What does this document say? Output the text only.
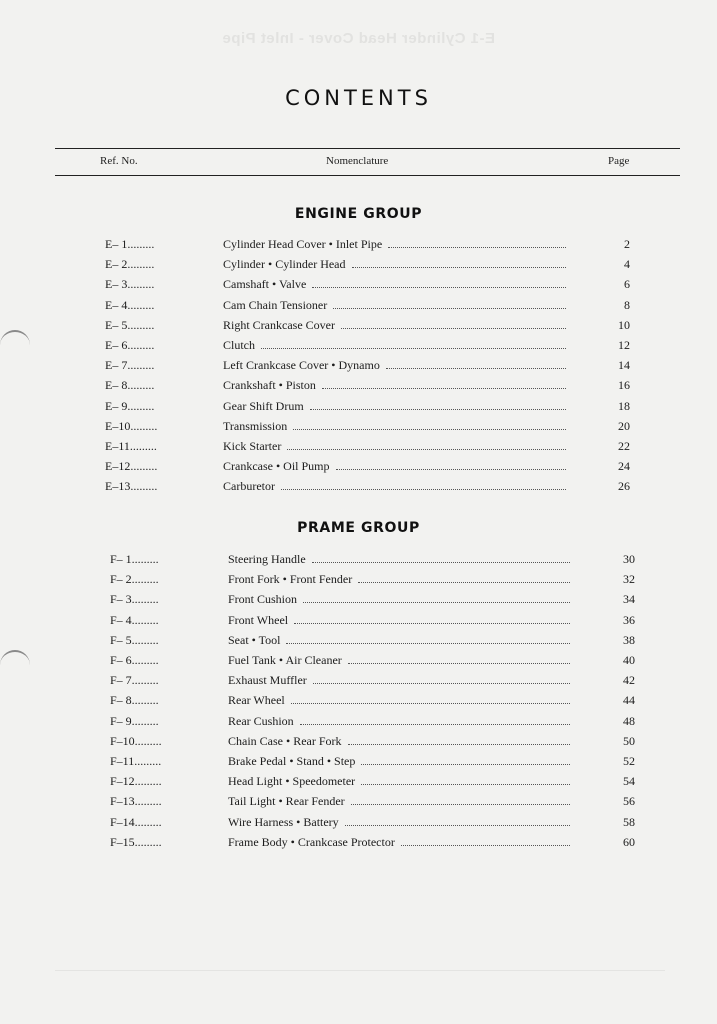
E-1 Cylinder Head Cover - Inlet Pipe
CONTENTS
Ref. No.	Nomenclature	Page
ENGINE GROUP
E– 1.........	Cylinder Head Cover • Inlet Pipe	2
E– 2.........	Cylinder • Cylinder Head	4
E– 3.........	Camshaft • Valve	6
E– 4.........	Cam Chain Tensioner	8
E– 5.........	Right Crankcase Cover	10
E– 6.........	Clutch	12
E– 7.........	Left Crankcase Cover • Dynamo	14
E– 8.........	Crankshaft • Piston	16
E– 9.........	Gear Shift Drum	18
E–10.........	Transmission	20
E–11.........	Kick Starter	22
E–12.........	Crankcase • Oil Pump	24
E–13.........	Carburetor	26
PRAME GROUP
F– 1.........	Steering Handle	30
F– 2.........	Front Fork • Front Fender	32
F– 3.........	Front Cushion	34
F– 4.........	Front Wheel	36
F– 5.........	Seat • Tool	38
F– 6.........	Fuel Tank • Air Cleaner	40
F– 7.........	Exhaust Muffler	42
F– 8.........	Rear Wheel	44
F– 9.........	Rear Cushion	48
F–10.........	Chain Case • Rear Fork	50
F–11.........	Brake Pedal • Stand • Step	52
F–12.........	Head Light • Speedometer	54
F–13.........	Tail Light • Rear Fender	56
F–14.........	Wire Harness • Battery	58
F–15.........	Frame Body • Crankcase Protector	60
